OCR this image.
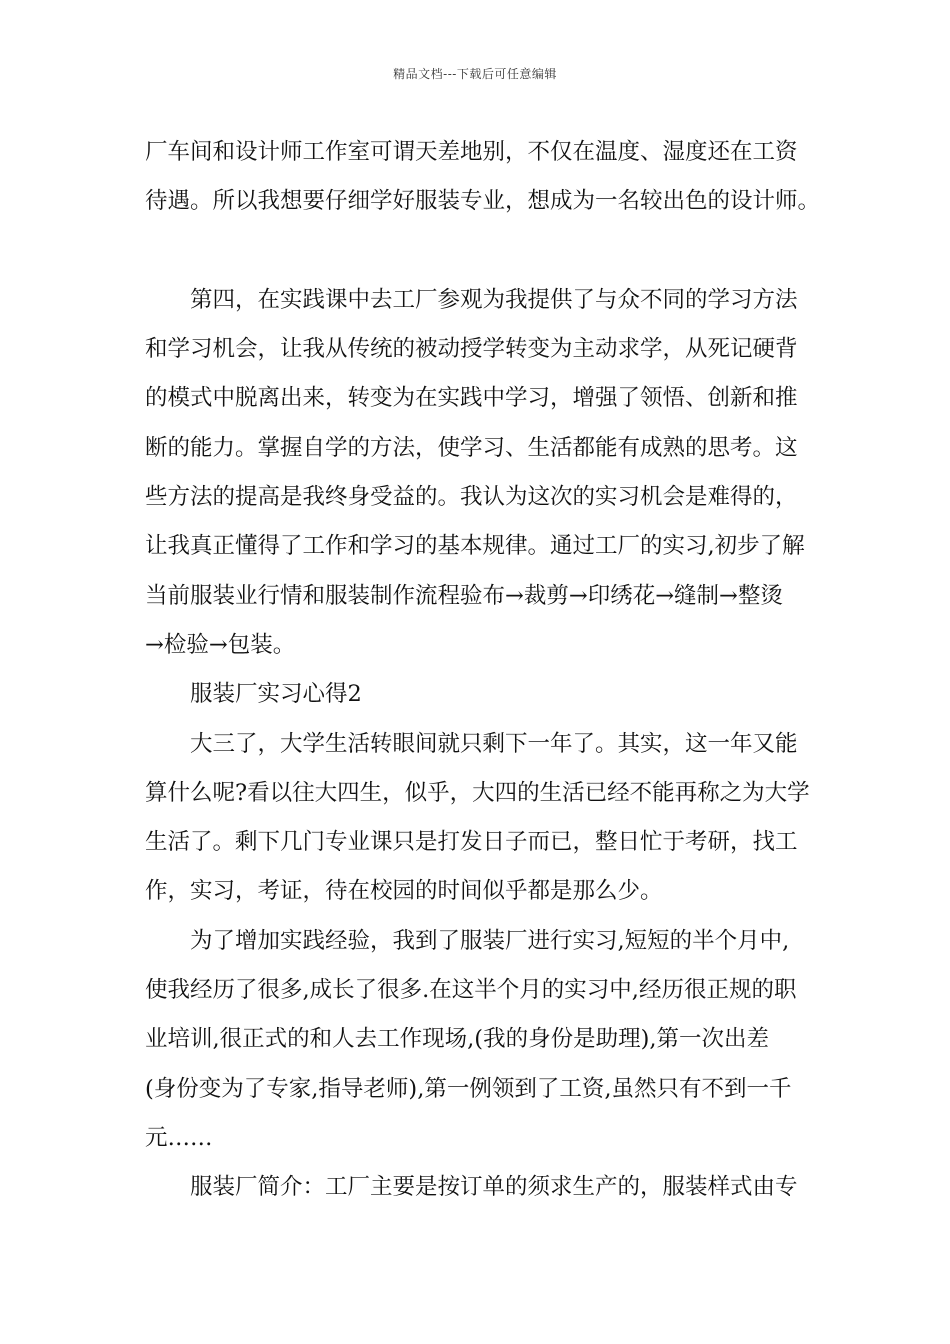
精品文档---下载后可任意编辑
厂车间和设计师工作室可谓天差地别，不仅在温度、湿度还在工资
待遇。所以我想要仔细学好服装专业，想成为一名较出色的设计师。
　　第四，在实践课中去工厂参观为我提供了与众不同的学习方法
和学习机会，让我从传统的被动授学转变为主动求学，从死记硬背
的模式中脱离出来，转变为在实践中学习，增强了领悟、创新和推
断的能力。掌握自学的方法，使学习、生活都能有成熟的思考。这
些方法的提高是我终身受益的。我认为这次的实习机会是难得的，
让我真正懂得了工作和学习的基本规律。通过工厂的实习,初步了解
当前服装业行情和服装制作流程验布→裁剪→印绣花→缝制→整烫
→检验→包装。
　　服装厂实习心得2
　　大三了，大学生活转眼间就只剩下一年了。其实，这一年又能
算什么呢?看以往大四生，似乎，大四的生活已经不能再称之为大学
生活了。剩下几门专业课只是打发日子而已，整日忙于考研，找工
作，实习，考证，待在校园的时间似乎都是那么少。
　　为了增加实践经验，我到了服装厂进行实习,短短的半个月中,
使我经历了很多,成长了很多.在这半个月的实习中,经历很正规的职
业培训,很正式的和人去工作现场,(我的身份是助理),第一次出差
(身份变为了专家,指导老师),第一例领到了工资,虽然只有不到一千
元……
　　服装厂简介：工厂主要是按订单的须求生产的，服装样式由专
